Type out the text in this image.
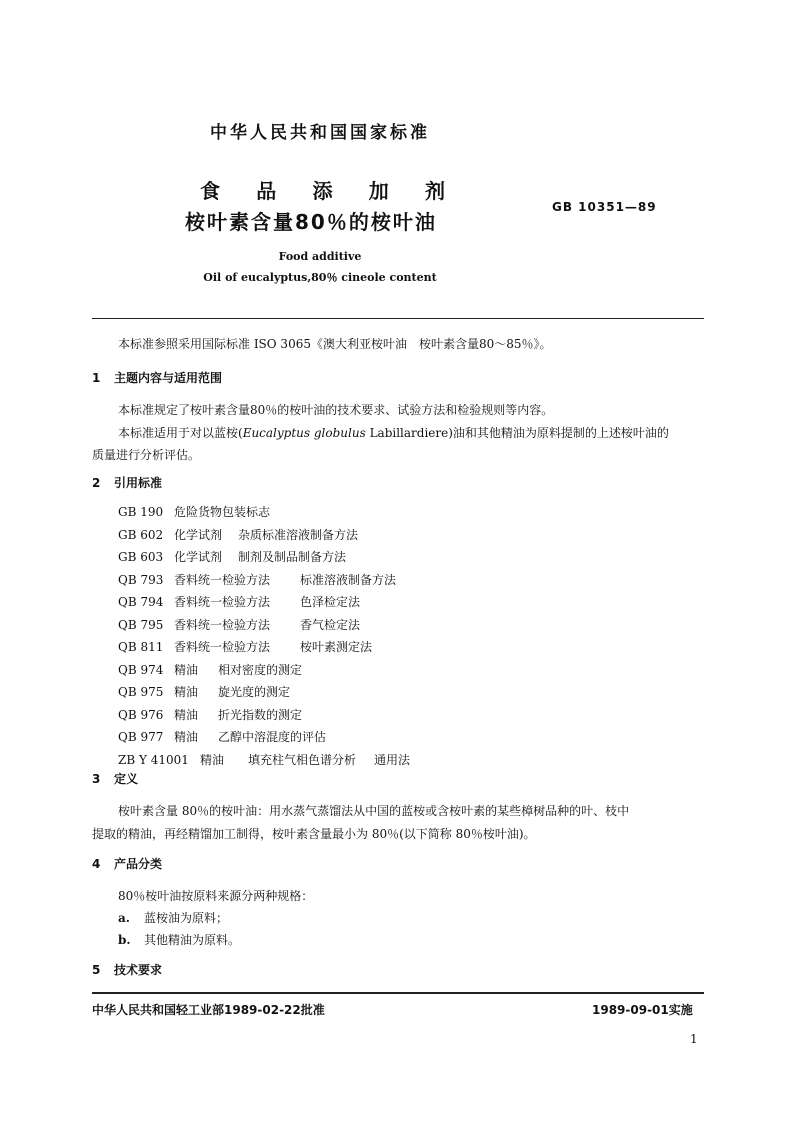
中华人民共和国国家标准
食 品 添 加 剂
桉叶素含量80％的桉叶油
GB 10351—89
Food additive
Oil of eucalyptus,80％ cineole content
本标准参照采用国际标准 ISO 3065《澳大利亚桉叶油　桉叶素含量80～85％》。
1 主题内容与适用范围
本标准规定了桉叶素含量80％的桉叶油的技术要求、试验方法和检验规则等内容。
本标准适用于对以蓝桉(Eucalyptus globulus Labillardiere)油和其他精油为原料提制的上述桉叶油的
质量进行分析评估。
2 引用标准
GB 190 危险货物包装标志
GB 602 化学试剂 杂质标准溶液制备方法
GB 603 化学试剂 制剂及制品制备方法
QB 793 香料统一检验方法 标准溶液制备方法
QB 794 香料统一检验方法 色泽检定法
QB 795 香料统一检验方法 香气检定法
QB 811 香料统一检验方法 桉叶素测定法
QB 974 精油 相对密度的测定
QB 975 精油 旋光度的测定
QB 976 精油 折光指数的测定
QB 977 精油 乙醇中溶混度的评估
ZB Y 41001 精油 填充柱气相色谱分析 通用法
3 定义
桉叶素含量 80％的桉叶油：用水蒸气蒸馏法从中国的蓝桉或含桉叶素的某些樟树品种的叶、枝中
提取的精油，再经精馏加工制得，桉叶素含量最小为 80％(以下简称 80％桉叶油)。
4 产品分类
80％桉叶油按原料来源分两种规格：
a. 蓝桉油为原料；
b. 其他精油为原料。
5 技术要求
中华人民共和国轻工业部1989-02-22批准	1989-09-01实施
1
